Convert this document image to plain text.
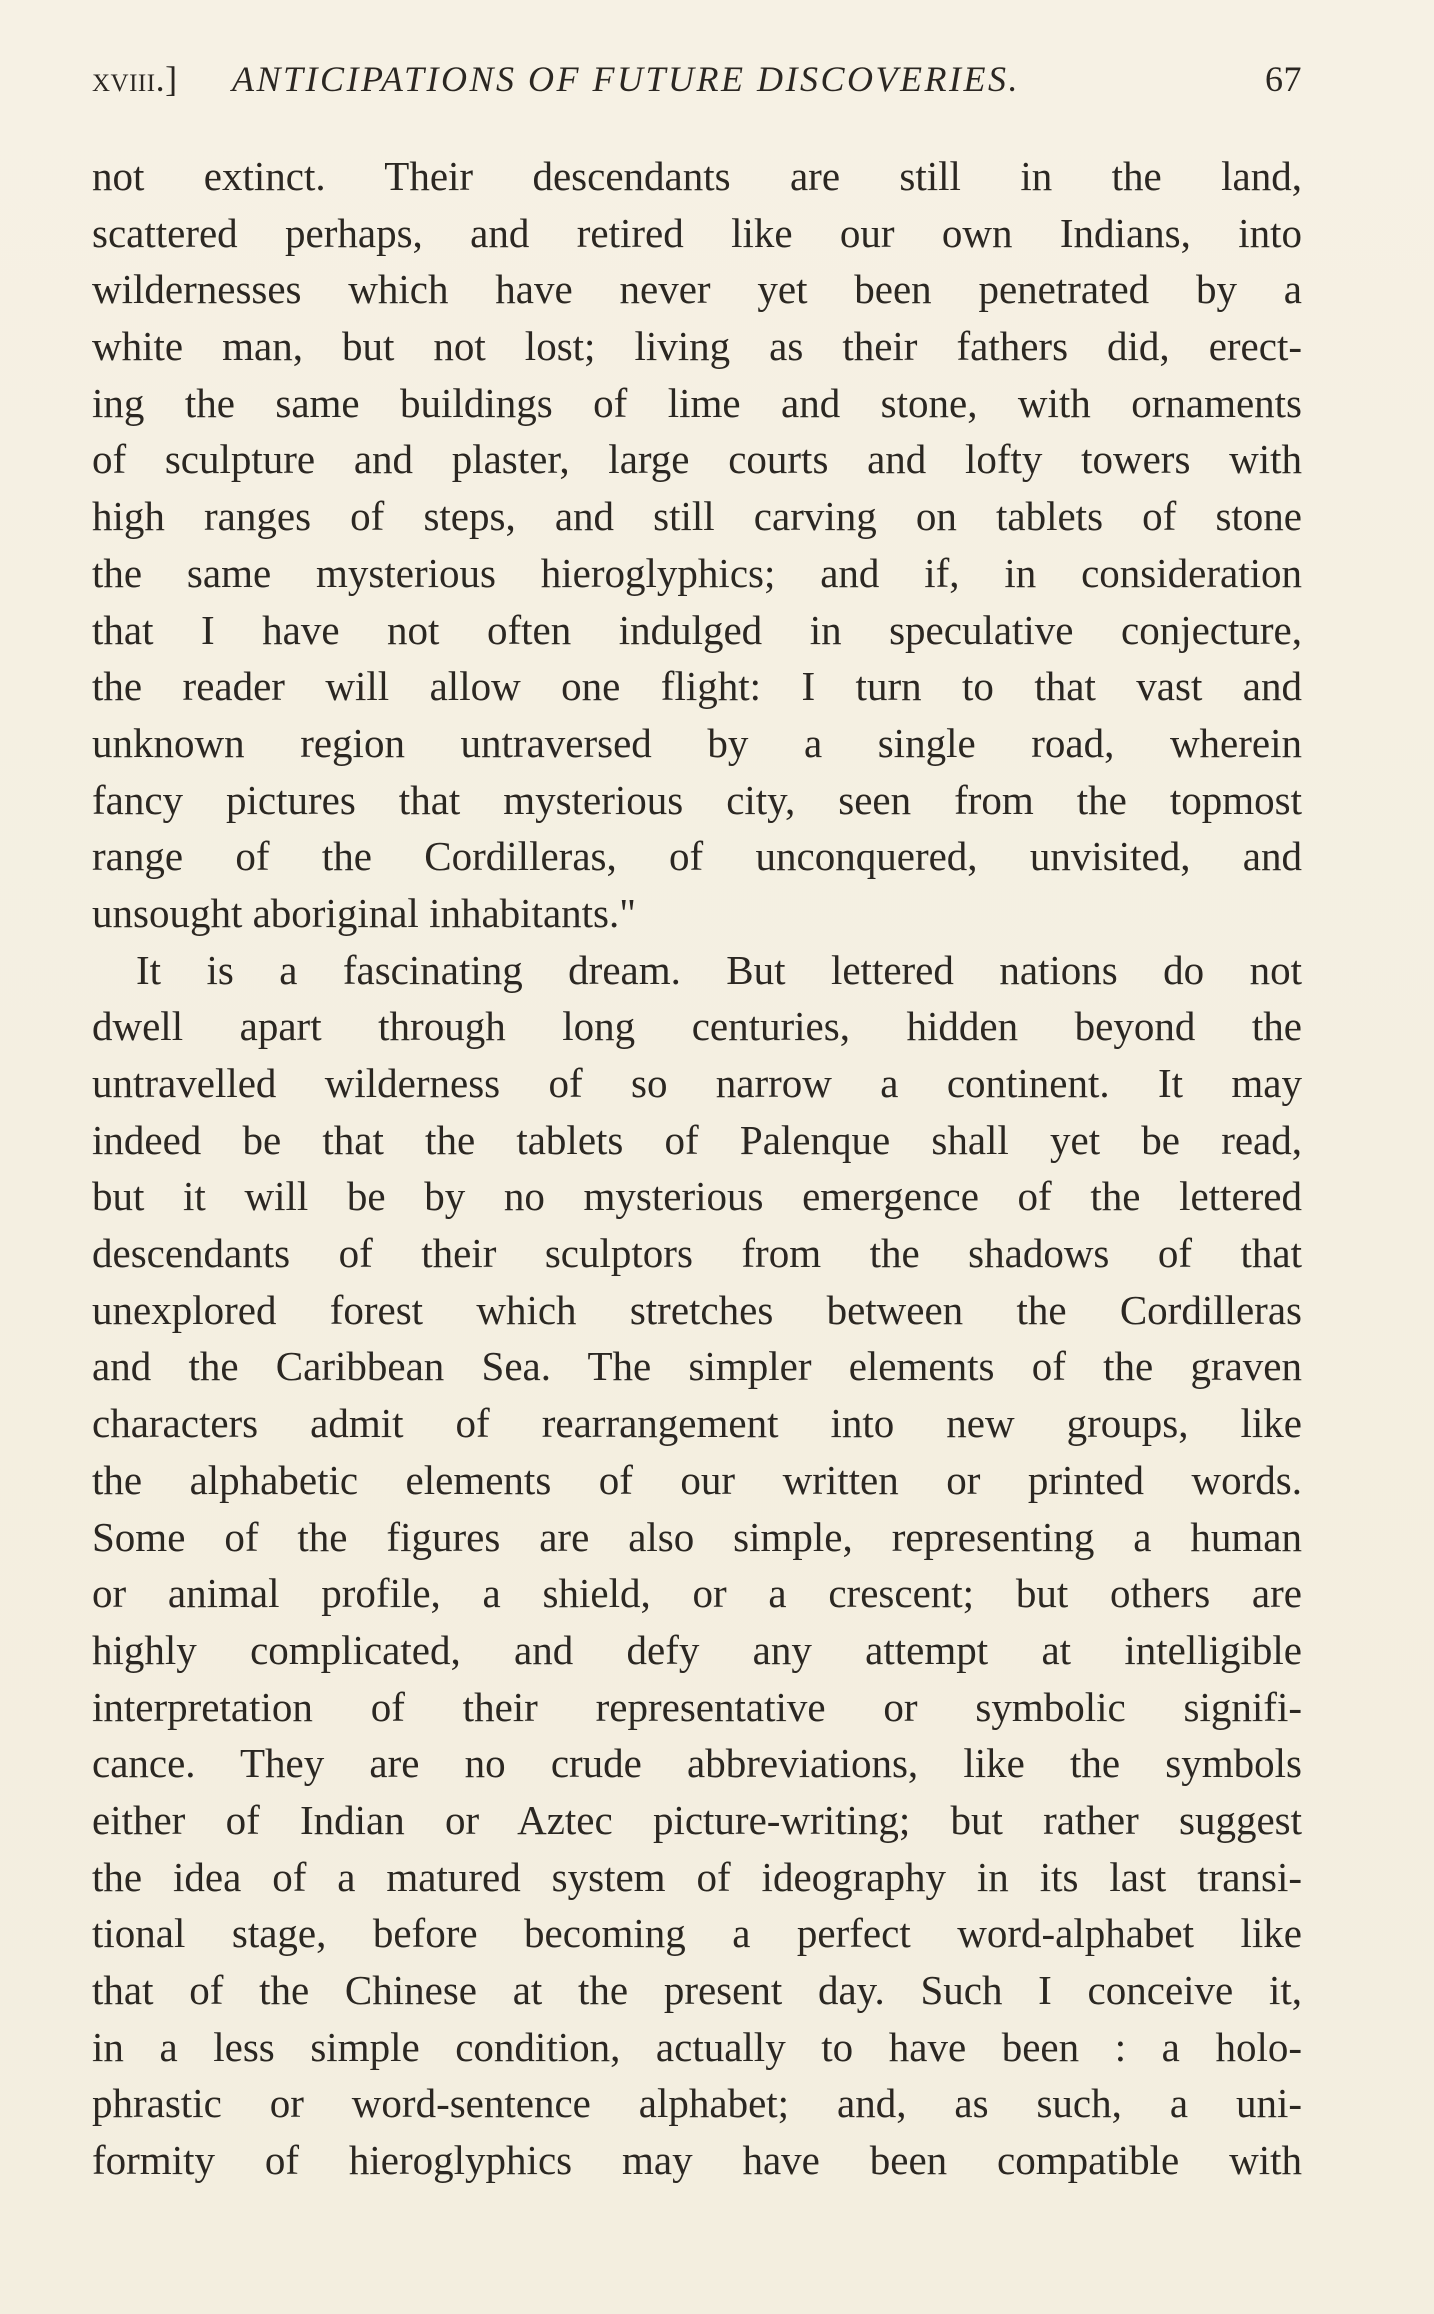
xviii.] ANTICIPATIONS OF FUTURE DISCOVERIES.	67
not extinct. Their descendants are still in the land,
scattered perhaps, and retired like our own Indians, into
wildernesses which have never yet been penetrated by a
white man, but not lost; living as their fathers did, erect-
ing the same buildings of lime and stone, with ornaments
of sculpture and plaster, large courts and lofty towers with
high ranges of steps, and still carving on tablets of stone
the same mysterious hieroglyphics; and if, in consideration
that I have not often indulged in speculative conjecture,
the reader will allow one flight: I turn to that vast and
unknown region untraversed by a single road, wherein
fancy pictures that mysterious city, seen from the topmost
range of the Cordilleras, of unconquered, unvisited, and
unsought aboriginal inhabitants."
It is a fascinating dream. But lettered nations do not
dwell apart through long centuries, hidden beyond the
untravelled wilderness of so narrow a continent. It may
indeed be that the tablets of Palenque shall yet be read,
but it will be by no mysterious emergence of the lettered
descendants of their sculptors from the shadows of that
unexplored forest which stretches between the Cordilleras
and the Caribbean Sea. The simpler elements of the graven
characters admit of rearrangement into new groups, like
the alphabetic elements of our written or printed words.
Some of the figures are also simple, representing a human
or animal profile, a shield, or a crescent; but others are
highly complicated, and defy any attempt at intelligible
interpretation of their representative or symbolic signifi-
cance. They are no crude abbreviations, like the symbols
either of Indian or Aztec picture-writing; but rather suggest
the idea of a matured system of ideography in its last transi-
tional stage, before becoming a perfect word-alphabet like
that of the Chinese at the present day. Such I conceive it,
in a less simple condition, actually to have been : a holo-
phrastic or word-sentence alphabet; and, as such, a uni-
formity of hieroglyphics may have been compatible with
